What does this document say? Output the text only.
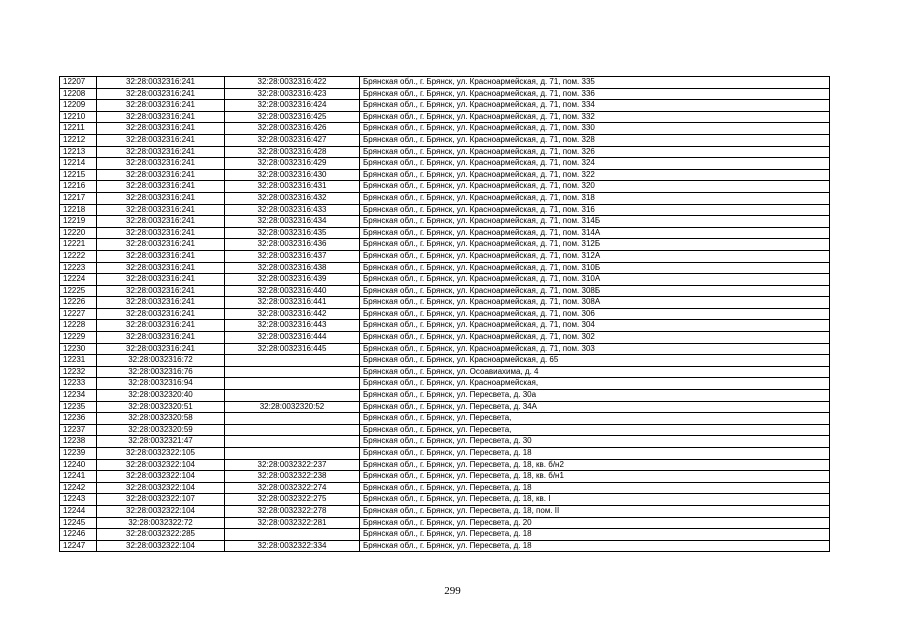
12207	32:28:0032316:241	32:28:0032316:422	Брянская обл., г. Брянск, ул. Красноармейская, д. 71, пом. 335
12208	32:28:0032316:241	32:28:0032316:423	Брянская обл., г. Брянск, ул. Красноармейская, д. 71, пом. 336
12209	32:28:0032316:241	32:28:0032316:424	Брянская обл., г. Брянск, ул. Красноармейская, д. 71, пом. 334
12210	32:28:0032316:241	32:28:0032316:425	Брянская обл., г. Брянск, ул. Красноармейская, д. 71, пом. 332
12211	32:28:0032316:241	32:28:0032316:426	Брянская обл., г. Брянск, ул. Красноармейская, д. 71, пом. 330
12212	32:28:0032316:241	32:28:0032316:427	Брянская обл., г. Брянск, ул. Красноармейская, д. 71, пом. 328
12213	32:28:0032316:241	32:28:0032316:428	Брянская обл., г. Брянск, ул. Красноармейская, д. 71, пом. 326
12214	32:28:0032316:241	32:28:0032316:429	Брянская обл., г. Брянск, ул. Красноармейская, д. 71, пом. 324
12215	32:28:0032316:241	32:28:0032316:430	Брянская обл., г. Брянск, ул. Красноармейская, д. 71, пом. 322
12216	32:28:0032316:241	32:28:0032316:431	Брянская обл., г. Брянск, ул. Красноармейская, д. 71, пом. 320
12217	32:28:0032316:241	32:28:0032316:432	Брянская обл., г. Брянск, ул. Красноармейская, д. 71, пом. 318
12218	32:28:0032316:241	32:28:0032316:433	Брянская обл., г. Брянск, ул. Красноармейская, д. 71, пом. 316
12219	32:28:0032316:241	32:28:0032316:434	Брянская обл., г. Брянск, ул. Красноармейская, д. 71, пом. 314Б
12220	32:28:0032316:241	32:28:0032316:435	Брянская обл., г. Брянск, ул. Красноармейская, д. 71, пом. 314А
12221	32:28:0032316:241	32:28:0032316:436	Брянская обл., г. Брянск, ул. Красноармейская, д. 71, пом. 312Б
12222	32:28:0032316:241	32:28:0032316:437	Брянская обл., г. Брянск, ул. Красноармейская, д. 71, пом. 312А
12223	32:28:0032316:241	32:28:0032316:438	Брянская обл., г. Брянск, ул. Красноармейская, д. 71, пом. 310Б
12224	32:28:0032316:241	32:28:0032316:439	Брянская обл., г. Брянск, ул. Красноармейская, д. 71, пом. 310А
12225	32:28:0032316:241	32:28:0032316:440	Брянская обл., г. Брянск, ул. Красноармейская, д. 71, пом. 308Б
12226	32:28:0032316:241	32:28:0032316:441	Брянская обл., г. Брянск, ул. Красноармейская, д. 71, пом. 308А
12227	32:28:0032316:241	32:28:0032316:442	Брянская обл., г. Брянск, ул. Красноармейская, д. 71, пом. 306
12228	32:28:0032316:241	32:28:0032316:443	Брянская обл., г. Брянск, ул. Красноармейская, д. 71, пом. 304
12229	32:28:0032316:241	32:28:0032316:444	Брянская обл., г. Брянск, ул. Красноармейская, д. 71, пом. 302
12230	32:28:0032316:241	32:28:0032316:445	Брянская обл., г. Брянск, ул. Красноармейская, д. 71, пом. 303
12231	32:28:0032316:72		Брянская обл., г. Брянск, ул. Красноармейская, д. 65
12232	32:28:0032316:76		Брянская обл., г. Брянск, ул. Осоавиахима, д. 4
12233	32:28:0032316:94		Брянская обл., г. Брянск, ул. Красноармейская,
12234	32:28:0032320:40		Брянская обл., г. Брянск, ул. Пересвета, д. 30а
12235	32:28:0032320:51	32:28:0032320:52	Брянская обл., г. Брянск, ул. Пересвета, д. 34А
12236	32:28:0032320:58		Брянская обл., г. Брянск, ул. Пересвета,
12237	32:28:0032320:59		Брянская обл., г. Брянск, ул. Пересвета,
12238	32:28:0032321:47		Брянская обл., г. Брянск, ул. Пересвета, д. 30
12239	32:28:0032322:105		Брянская обл., г. Брянск, ул. Пересвета, д. 18
12240	32:28:0032322:104	32:28:0032322:237	Брянская обл., г. Брянск, ул. Пересвета, д. 18, кв. б/н2
12241	32:28:0032322:104	32:28:0032322:238	Брянская обл., г. Брянск, ул. Пересвета, д. 18, кв. б/н1
12242	32:28:0032322:104	32:28:0032322:274	Брянская обл., г. Брянск, ул. Пересвета, д. 18
12243	32:28:0032322:107	32:28:0032322:275	Брянская обл., г. Брянск, ул. Пересвета, д. 18, кв. I
12244	32:28:0032322:104	32:28:0032322:278	Брянская обл., г. Брянск, ул. Пересвета, д. 18, пом. II
12245	32:28:0032322:72	32:28:0032322:281	Брянская обл., г. Брянск, ул. Пересвета, д. 20
12246	32:28:0032322:285		Брянская обл., г. Брянск, ул. Пересвета, д. 18
12247	32:28:0032322:104	32:28:0032322:334	Брянская обл., г. Брянск, ул. Пересвета, д. 18
299
